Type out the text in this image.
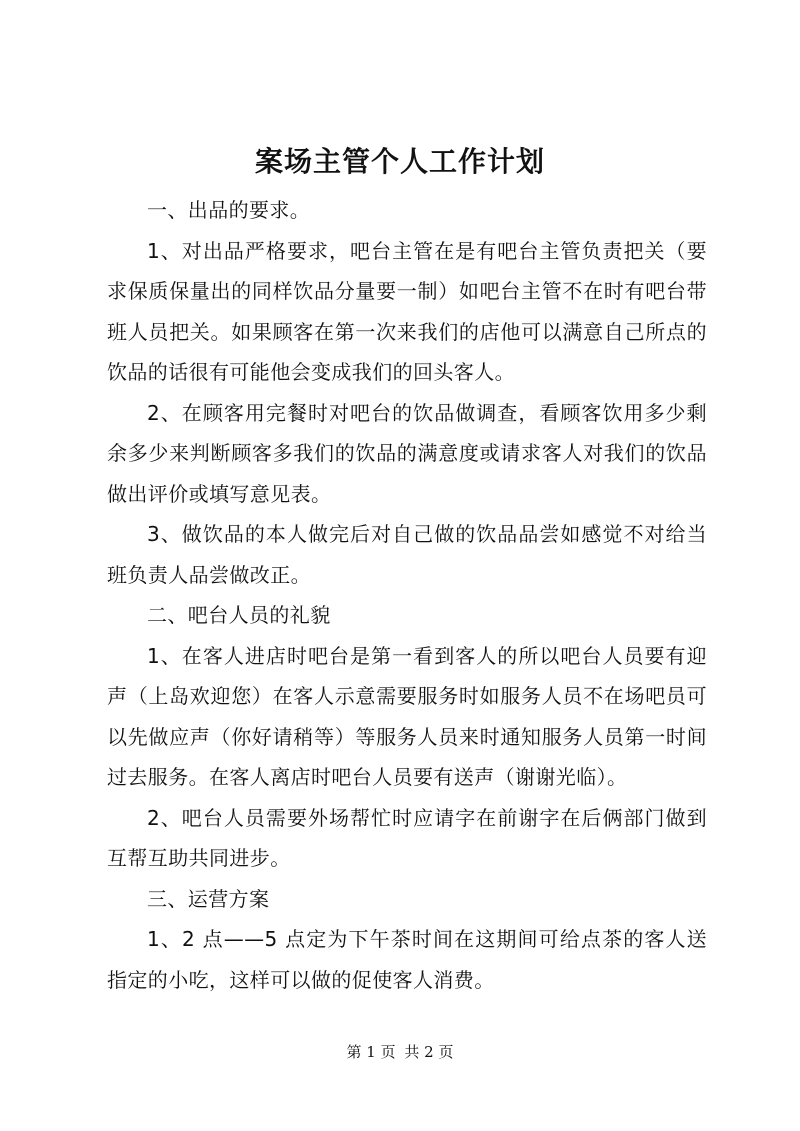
案场主管个人工作计划

一、出品的要求。

1、对出品严格要求，吧台主管在是有吧台主管负责把关（要求保质保量出的同样饮品分量要一制）如吧台主管不在时有吧台带班人员把关。如果顾客在第一次来我们的店他可以满意自己所点的饮品的话很有可能他会变成我们的回头客人。

2、在顾客用完餐时对吧台的饮品做调查，看顾客饮用多少剩余多少来判断顾客多我们的饮品的满意度或请求客人对我们的饮品做出评价或填写意见表。

3、做饮品的本人做完后对自己做的饮品品尝如感觉不对给当班负责人品尝做改正。

二、吧台人员的礼貌

1、在客人进店时吧台是第一看到客人的所以吧台人员要有迎声（上岛欢迎您）在客人示意需要服务时如服务人员不在场吧员可以先做应声（你好请稍等）等服务人员来时通知服务人员第一时间过去服务。在客人离店时吧台人员要有送声（谢谢光临）。

2、吧台人员需要外场帮忙时应请字在前谢字在后俩部门做到互帮互助共同进步。

三、运营方案

1、2 点——5 点定为下午茶时间在这期间可给点茶的客人送指定的小吃，这样可以做的促使客人消费。

第 1 页 共 2 页
